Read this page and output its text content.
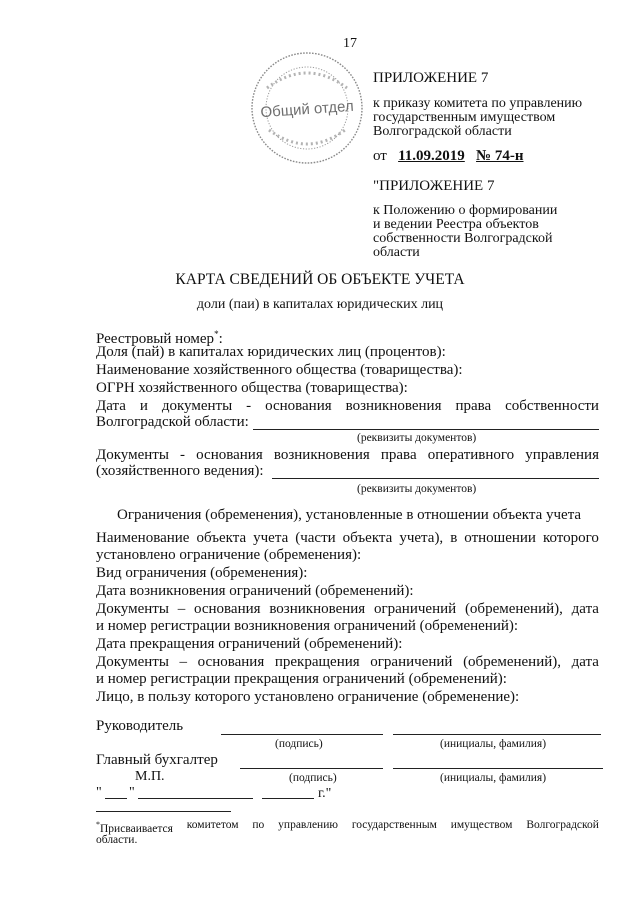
17
Общий отдел
ПРИЛОЖЕНИЕ 7
к приказу комитета по управлению
государственным имуществом
Волгоградской области
от 11.09.2019 № 74-н
"ПРИЛОЖЕНИЕ 7
к Положению о формировании
и ведении Реестра объектов
собственности Волгоградской
области
КАРТА СВЕДЕНИЙ ОБ ОБЪЕКТЕ УЧЕТА
доли (паи) в капиталах юридических лиц
Реестровый номер*:
Доля (пай) в капиталах юридических лиц (процентов):
Наименование хозяйственного общества (товарищества):
ОГРН хозяйственного общества (товарищества):
Дата и документы - основания возникновения права собственности
Волгоградской области:
(реквизиты документов)
Документы - основания возникновения права оперативного управления
(хозяйственного ведения):
(реквизиты документов)
Ограничения (обременения), установленные в отношении объекта учета
Наименование объекта учета (части объекта учета), в отношении которого
установлено ограничение (обременения):
Вид ограничения (обременения):
Дата возникновения ограничений (обременений):
Документы – основания возникновения ограничений (обременений), дата
и номер регистрации возникновения ограничений (обременений):
Дата прекращения ограничений (обременений):
Документы – основания прекращения ограничений (обременений), дата
и номер регистрации прекращения ограничений (обременений):
Лицо, в пользу которого установлено ограничение (обременение):
Руководитель
(подпись)	(инициалы, фамилия)
Главный бухгалтер
М.П.	(подпись)	(инициалы, фамилия)
" "	г."
*Присваивается комитетом по управлению государственным имуществом Волгоградской
области.
